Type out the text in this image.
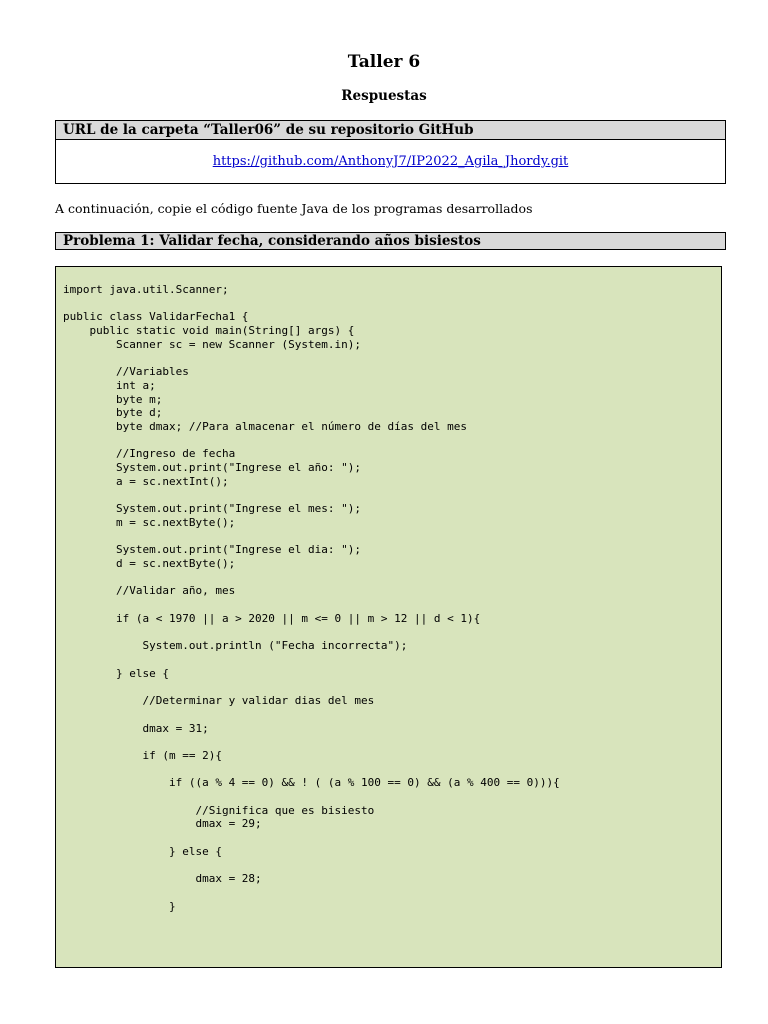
Taller 6
Respuestas
URL de la carpeta “Taller06” de su repositorio GitHub
https://github.com/AnthonyJ7/IP2022_Agila_Jhordy.git
A continuación, copie el código fuente Java de los programas desarrollados
Problema 1: Validar fecha, considerando años bisiestos
import java.util.Scanner;

public class ValidarFecha1 {
public static void main(String[] args) {
Scanner sc = new Scanner (System.in);

//Variables
int a;
byte m;
byte d;
byte dmax; //Para almacenar el número de días del mes

//Ingreso de fecha
System.out.print("Ingrese el año: ");
a = sc.nextInt();

System.out.print("Ingrese el mes: ");
m = sc.nextByte();

System.out.print("Ingrese el dia: ");
d = sc.nextByte();

//Validar año, mes

if (a < 1970 || a > 2020 || m <= 0 || m > 12 || d < 1){

System.out.println ("Fecha incorrecta");

} else {

//Determinar y validar dias del mes

dmax = 31;

if (m == 2){

if ((a % 4 == 0) && ! ( (a % 100 == 0) && (a % 400 == 0))){

//Significa que es bisiesto
dmax = 29;

} else {

dmax = 28;

}
